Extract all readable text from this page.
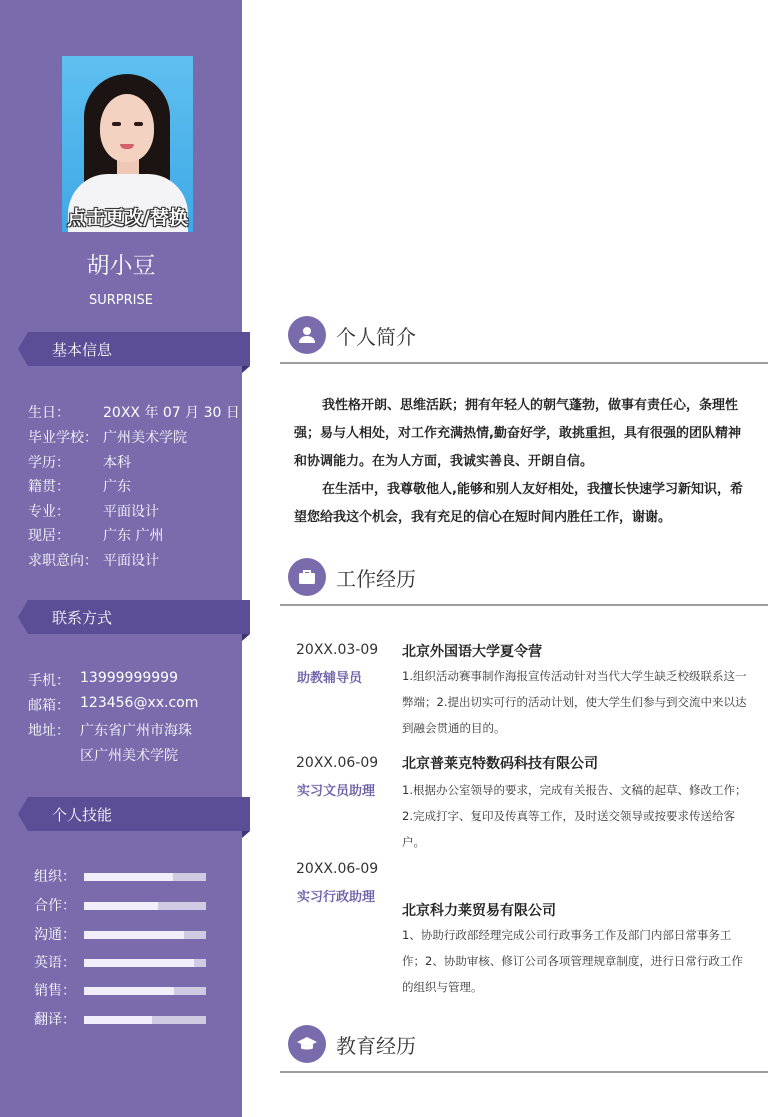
点击更改/替换
胡小豆
SURPRISE
基本信息
生日： 20XX 年 07 月 30 日
毕业学校： 广州美术学院
学历： 本科
籍贯： 广东
专业： 平面设计
现居： 广东 广州
求职意向： 平面设计
联系方式
手机： 13999999999
邮箱： 123456@xx.com
地址： 广东省广州市海珠
区广州美术学院
个人技能
组织：
合作：
沟通：
英语：
销售：
翻译：
个人简介
我性格开朗、思维活跃；拥有年轻人的朝气蓬勃，做事有责任心，条理性强；易与人相处，对工作充满热情,勤奋好学，敢挑重担，具有很强的团队精神和协调能力。在为人方面，我诚实善良、开朗自信。
在生活中，我尊敬他人,能够和别人友好相处，我擅长快速学习新知识，希望您给我这个机会，我有充足的信心在短时间内胜任工作，谢谢。
工作经历
20XX.03-09
助教辅导员
北京外国语大学夏令营
1.组织活动赛事制作海报宣传活动针对当代大学生缺乏校级联系这一弊端；2.提出切实可行的活动计划，使大学生们参与到交流中来以达到融会贯通的目的。
20XX.06-09
实习文员助理
北京普莱克特数码科技有限公司
1.根据办公室领导的要求，完成有关报告、文稿的起草、修改工作；
2.完成打字、复印及传真等工作，及时送交领导或按要求传送给客户。
20XX.06-09
实习行政助理
北京科力莱贸易有限公司
1、协助行政部经理完成公司行政事务工作及部门内部日常事务工作；2、协助审核、修订公司各项管理规章制度，进行日常行政工作的组织与管理。
教育经历
